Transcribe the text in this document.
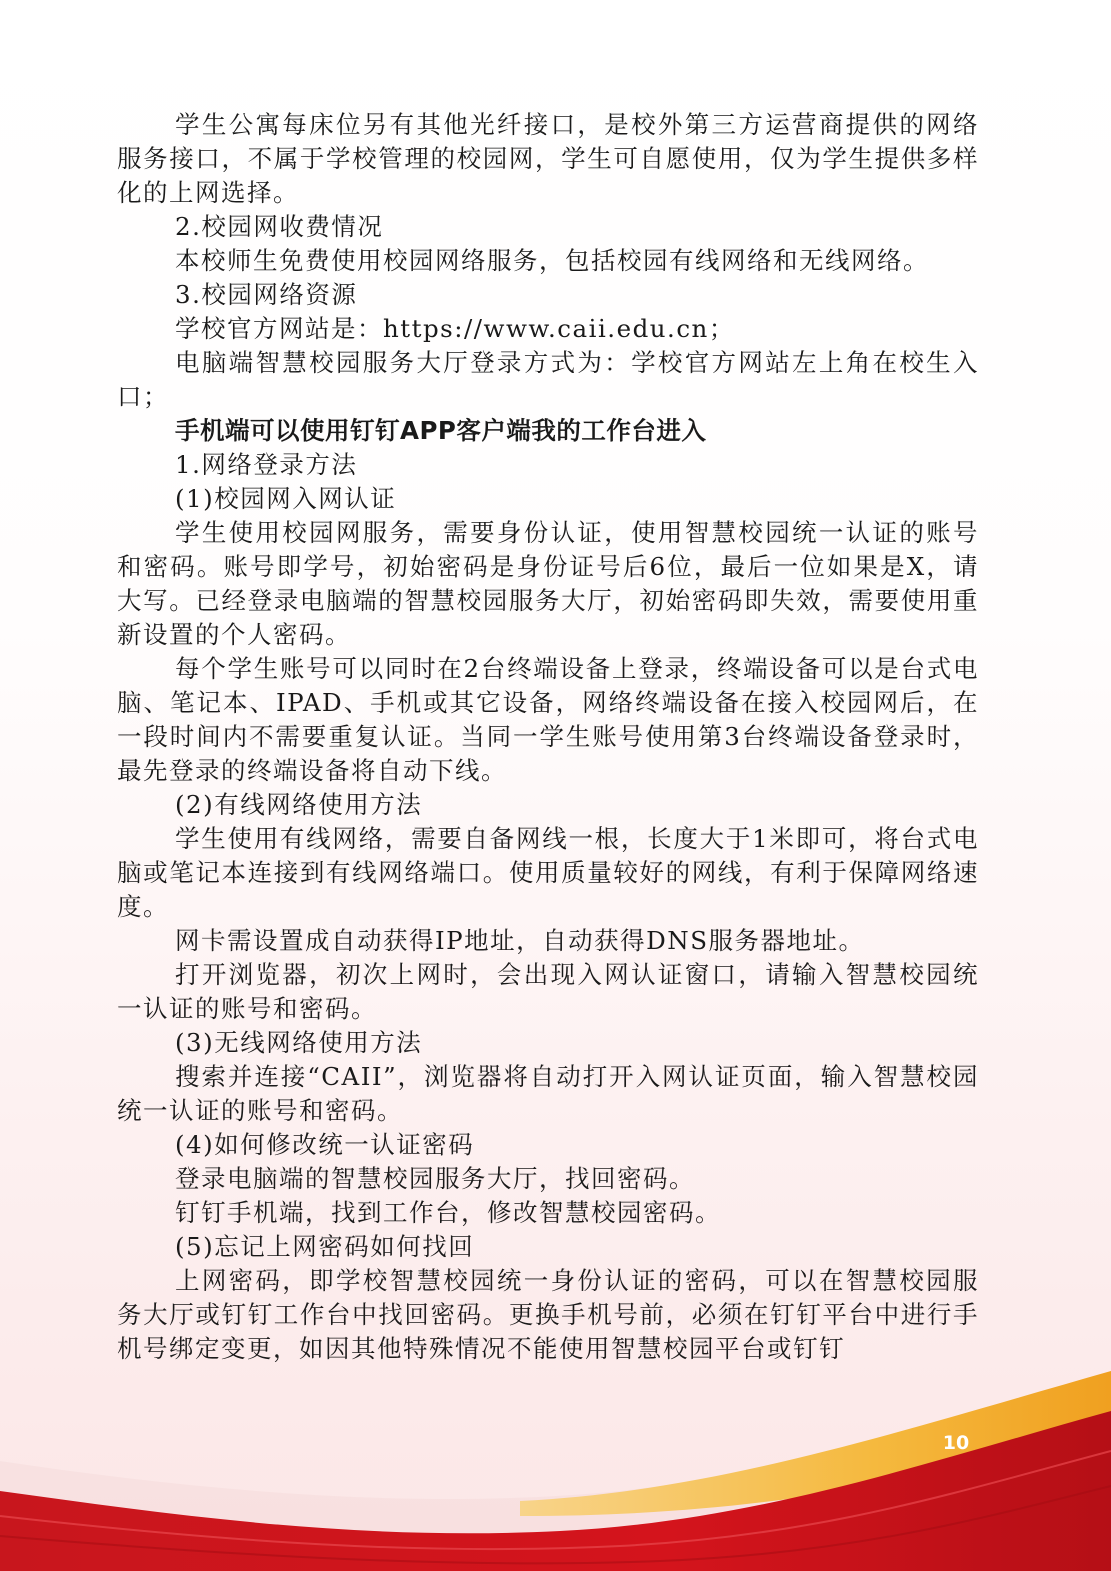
学生公寓每床位另有其他光纤接口，是校外第三方运营商提供的网络服务接口，不属于学校管理的校园网，学生可自愿使用，仅为学生提供多样化的上网选择。

2.校园网收费情况

本校师生免费使用校园网络服务，包括校园有线网络和无线网络。

3.校园网络资源

学校官方网站是：https://www.caii.edu.cn；

电脑端智慧校园服务大厅登录方式为：学校官方网站左上角在校生入口；

手机端可以使用钉钉APP客户端我的工作台进入

1.网络登录方法

(1)校园网入网认证

学生使用校园网服务，需要身份认证，使用智慧校园统一认证的账号和密码。账号即学号，初始密码是身份证号后6位，最后一位如果是X，请大写。已经登录电脑端的智慧校园服务大厅，初始密码即失效，需要使用重新设置的个人密码。

每个学生账号可以同时在2台终端设备上登录，终端设备可以是台式电脑、笔记本、IPAD、手机或其它设备，网络终端设备在接入校园网后，在一段时间内不需要重复认证。当同一学生账号使用第3台终端设备登录时，最先登录的终端设备将自动下线。

(2)有线网络使用方法

学生使用有线网络，需要自备网线一根，长度大于1米即可，将台式电脑或笔记本连接到有线网络端口。使用质量较好的网线，有利于保障网络速度。

网卡需设置成自动获得IP地址，自动获得DNS服务器地址。

打开浏览器，初次上网时，会出现入网认证窗口，请输入智慧校园统一认证的账号和密码。

(3)无线网络使用方法

搜索并连接“CAII”，浏览器将自动打开入网认证页面，输入智慧校园统一认证的账号和密码。

(4)如何修改统一认证密码

登录电脑端的智慧校园服务大厅，找回密码。

钉钉手机端，找到工作台，修改智慧校园密码。

(5)忘记上网密码如何找回

上网密码，即学校智慧校园统一身份认证的密码，可以在智慧校园服务大厅或钉钉工作台中找回密码。更换手机号前，必须在钉钉平台中进行手机号绑定变更，如因其他特殊情况不能使用智慧校园平台或钉钉

10
